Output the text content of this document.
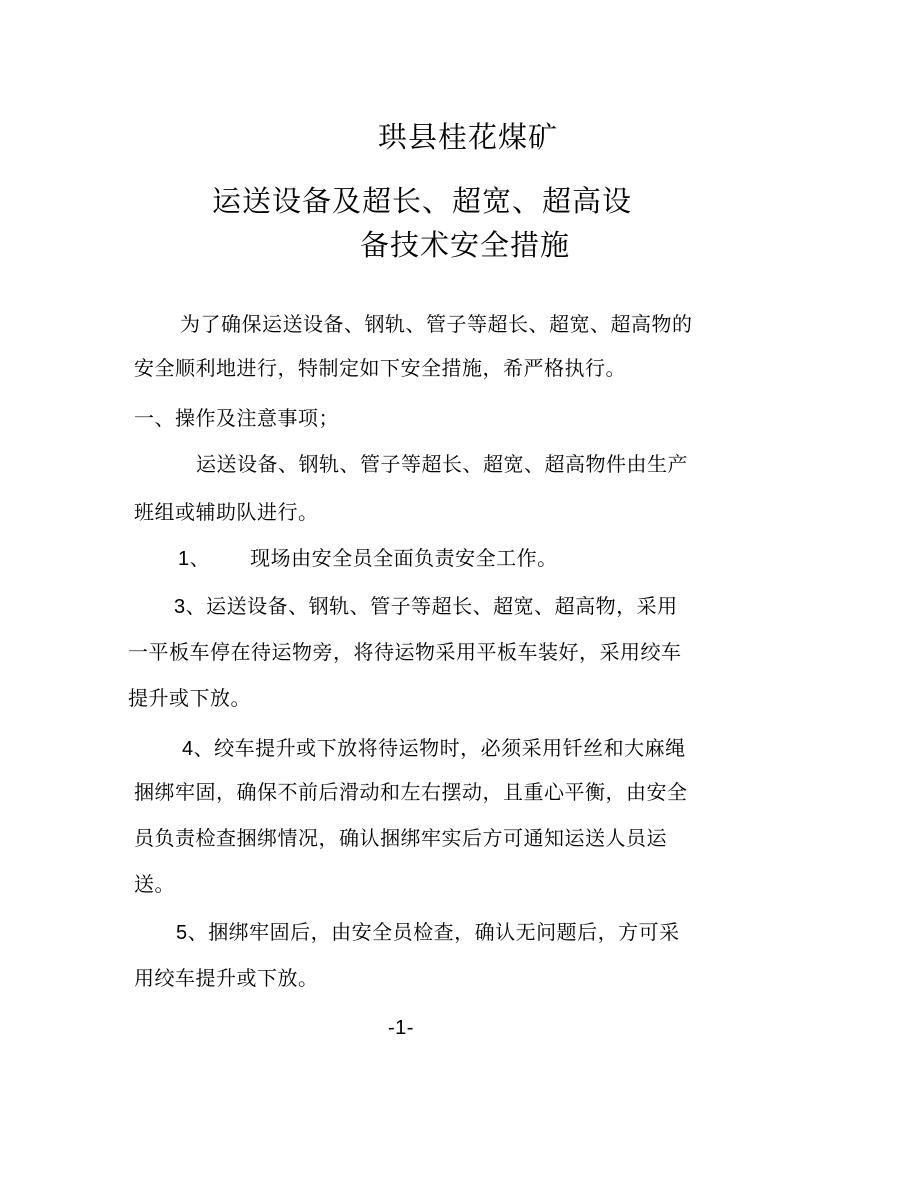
珙县桂花煤矿
运送设备及超长、超宽、超高设
备技术安全措施
为了确保运送设备、钢轨、管子等超长、超宽、超高物的
安全顺利地进行，特制定如下安全措施，希严格执行。
一、操作及注意事项；
运送设备、钢轨、管子等超长、超宽、超高物件由生产
班组或辅助队进行。
1、 现场由安全员全面负责安全工作。
3、运送设备、钢轨、管子等超长、超宽、超高物，采用
一平板车停在待运物旁，将待运物采用平板车装好，采用绞车
提升或下放。
4、绞车提升或下放将待运物时，必须采用钎丝和大麻绳
捆绑牢固，确保不前后滑动和左右摆动，且重心平衡，由安全
员负责检查捆绑情况，确认捆绑牢实后方可通知运送人员运
送。
5、捆绑牢固后，由安全员检查，确认无问题后，方可采
用绞车提升或下放。
-1-
